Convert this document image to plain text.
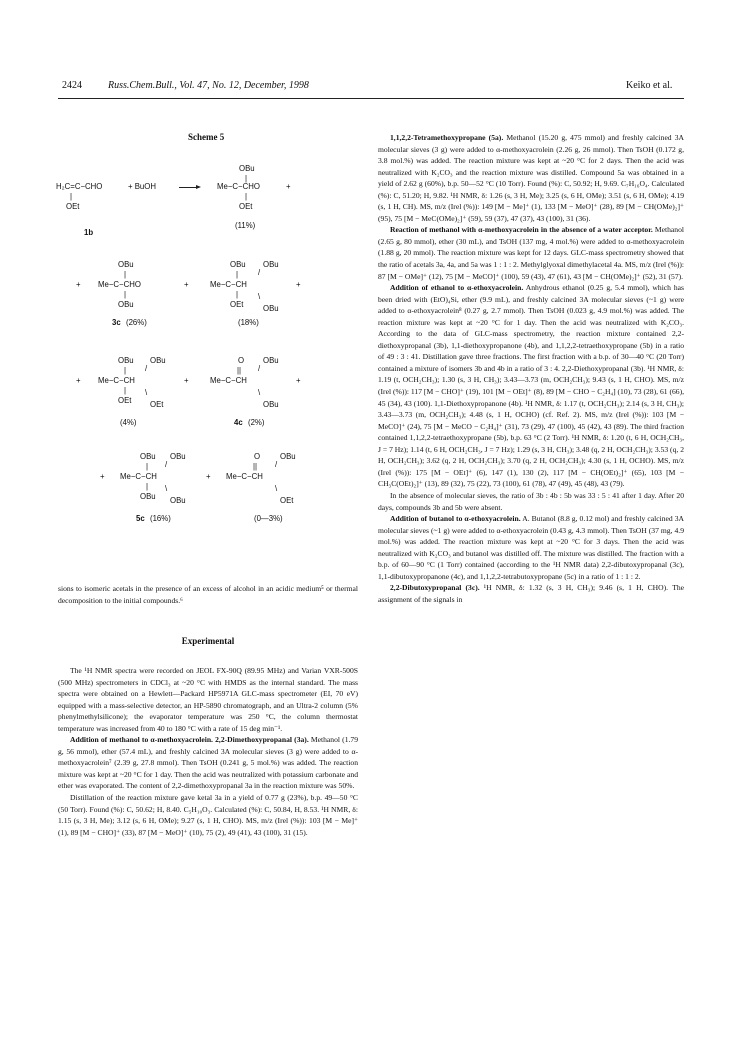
2424	Russ.Chem.Bull., Vol. 47, No. 12, December, 1998	Keiko et al.
Scheme 5
H₂C=C−CHO
|
OEt
+ BuOH
1b
OBu
|
Me−C−CHO
|
OEt
+
(11%)
+
OBu
|
Me−C−CHO
|
OBu
3c (26%)
+
OBu OBu
/
|
Me−C−CH
|	\
OEt	OBu
(18%)
+
+
OBu OBu
/
|
Me−C−CH
| \
OEt OEt
(4%)
+
O OBu
/
||
Me−C−CH
\
OBu
4c (2%)
+
+
OBu OBu
/
|
Me−C−CH
| \
OBu OBu
5c (16%)
+
O	OBu
/
||
Me−C−CH
\
OEt
(0—3%)

sions to isomeric acetals in the presence of an excess of alcohol in an acidic medium⁵ or thermal decomposition to the initial compounds.⁶

Experimental

The ¹H NMR spectra were recorded on JEOL FX-90Q (89.95 MHz) and Varian VXR-500S (500 MHz) spectrometers in CDCl₃ at ~20 °C with HMDS as the internal standard. The mass spectra were obtained on a Hewlett—Packard HP5971A GLC-mass spectrometer (EI, 70 eV) equipped with a mass-selective detector, an HP-5890 chromatograph, and an Ultra-2 column (5% phenylmethylsilicone); the evaporator temperature was 250 °C, the column thermostat temperature was increased from 40 to 180 °C with a rate of 15 deg min⁻¹.

Addition of methanol to α-methoxyacrolein. 2,2-Dimethoxypropanal (3a). Methanol (1.79 g, 56 mmol), ether (57.4 mL), and freshly calcined 3A molecular sieves (3 g) were added to α-methoxyacrolein⁷ (2.39 g, 27.8 mmol). Then TsOH (0.241 g, 5 mol.%) was added. The reaction mixture was kept at ~20 °C for 1 day. Then the acid was neutralized with potassium carbonate and ether was evaporated. The content of 2,2-dimethoxypropanal 3a in the reaction mixture was 50%.

Distillation of the reaction mixture gave ketal 3a in a yield of 0.77 g (23%), b.p. 49—50 °C (50 Torr). Found (%): C, 50.62; H, 8.40. C₅H₁₀O₃. Calculated (%): C, 50.84, H, 8.53. ¹H NMR, δ: 1.15 (s, 3 H, Me); 3.12 (s, 6 H, OMe); 9.27 (s, 1 H, CHO). MS, m/z (Irel (%)): 103 [M − Me]⁺ (1), 89 [M − CHO]⁺ (33), 87 [M − MeO]⁺ (10), 75 (2), 49 (41), 43 (100), 31 (15).

1,1,2,2-Tetramethoxypropane (5a). Methanol (15.20 g, 475 mmol) and freshly calcined 3A molecular sieves (3 g) were added to α-methoxyacrolein (2.26 g, 26 mmol). Then TsOH (0.172 g, 3.8 mol.%) was added. The reaction mixture was kept at ~20 °C for 2 days. Then the acid was neutralized with K₂CO₃ and the reaction mixture was distilled. Compound 5a was obtained in a yield of 2.62 g (60%), b.p. 50—52 °C (10 Torr). Found (%): C, 50.92; H, 9.69. C₇H₁₆O₄. Calculated (%): C, 51.20; H, 9.82. ¹H NMR, δ: 1.26 (s, 3 H, Me); 3.25 (s, 6 H, OMe); 3.51 (s, 6 H, OMe); 4.19 (s, 1 H, CH). MS, m/z (Irel (%)): 149 [M − Me]⁺ (1), 133 [M − MeO]⁺ (28), 89 [M − CH(OMe)₂]⁺ (95), 75 [M − MeC(OMe)₂]⁺ (59), 59 (37), 47 (37), 43 (100), 31 (36).

Reaction of methanol with α-methoxyacrolein in the absence of a water acceptor. Methanol (2.65 g, 80 mmol), ether (30 mL), and TsOH (137 mg, 4 mol.%) were added to α-methoxyacrolein (1.88 g, 20 mmol). The reaction mixture was kept for 12 days. GLC-mass spectrometry showed that the ratio of acetals 3a, 4a, and 5a was 1 : 1 : 2. Methylglyoxal dimethylacetal 4a. MS, m/z (Irel (%)): 87 [M − OMe]⁺ (12), 75 [M − MeCO]⁺ (100), 59 (43), 47 (61), 43 [M − CH(OMe)₂]⁺ (52), 31 (57).

Addition of ethanol to α-ethoxyacrolein. Anhydrous ethanol (0.25 g, 5.4 mmol), which has been dried with (EtO)₄Si, ether (9.9 mL), and freshly calcined 3A molecular sieves (~1 g) were added to α-ethoxyacrolein⁸ (0.27 g, 2.7 mmol). Then TsOH (0.023 g, 4.9 mol.%) was added. The reaction mixture was kept at ~20 °C for 1 day. Then the acid was neutralized with K₂CO₃. According to the data of GLC-mass spectrometry, the reaction mixture contained 2,2-diethoxypropanal (3b), 1,1-diethoxypropanone (4b), and 1,1,2,2-tetraethoxypropane (5b) in a ratio of 49 : 3 : 41. Distillation gave three fractions. The first fraction with a b.p. of 30—40 °C (20 Torr) contained a mixture of isomers 3b and 4b in a ratio of 3 : 4. 2,2-Diethoxypropanal (3b). ¹H NMR, δ: 1.19 (t, OCH₂CH₃); 1.30 (s, 3 H, CH₃); 3.43—3.73 (m, OCH₂CH₃); 9.43 (s, 1 H, CHO). MS, m/z (Irel (%)): 117 [M − CHO]⁺ (19), 101 [M − OEt]⁺ (8), 89 [M − CHO − C₂H₄] (10), 73 (28), 61 (66), 45 (34), 43 (100). 1,1-Diethoxypropanone (4b). ¹H NMR, δ: 1.17 (t, OCH₂CH₃); 2.14 (s, 3 H, CH₃); 3.43—3.73 (m, OCH₂CH₃); 4.48 (s, 1 H, OCHO) (cf. Ref. 2). MS, m/z (Irel (%)): 103 [M − MeCO]⁺ (24), 75 [M − MeCO − C₂H₄]⁺ (31), 73 (29), 47 (100), 45 (42), 43 (89). The third fraction contained 1,1,2,2-tetraethoxypropane (5b), b.p. 63 °C (2 Torr). ¹H NMR, δ: 1.20 (t, 6 H, OCH₂CH₃, J = 7 Hz); 1.14 (t, 6 H, OCH₂CH₃, J = 7 Hz); 1.29 (s, 3 H, CH₃); 3.48 (q, 2 H, OCH₂CH₃); 3.53 (q, 2 H, OCH₂CH₃); 3.62 (q, 2 H, OCH₂CH₃); 3.70 (q, 2 H, OCH₂CH₃); 4.30 (s, 1 H, OCHO). MS, m/z (Irel (%)): 175 [M − OEt]⁺ (6), 147 (1), 130 (2), 117 [M − CH(OEt)₂]⁺ (65), 103 [M − CH₃C(OEt)₂]⁺ (13), 89 (32), 75 (22), 73 (100), 61 (78), 47 (49), 45 (48), 43 (79).

In the absence of molecular sieves, the ratio of 3b : 4b : 5b was 33 : 5 : 41 after 1 day. After 20 days, compounds 3b and 5b were absent.

Addition of butanol to α-ethoxyacrolein. A. Butanol (8.8 g, 0.12 mol) and freshly calcined 3A molecular sieves (~1 g) were added to α-ethoxyacrolein (0.43 g, 4.3 mmol). Then TsOH (37 mg, 4.9 mol.%) was added. The reaction mixture was kept at ~20 °C for 3 days. Then the acid was neutralized with K₂CO₃ and butanol was distilled off. The mixture was distilled. The fraction with a b.p. of 60—90 °C (1 Torr) contained (according to the ¹H NMR data) 2,2-dibutoxypropanal (3c), 1,1-dibutoxypropanone (4c), and 1,1,2,2-tetrabutoxypropane (5c) in a ratio of 1 : 1 : 2.

2,2-Dibutoxypropanal (3c). ¹H NMR, δ: 1.32 (s, 3 H, CH₃); 9.46 (s, 1 H, CHO). The assignment of the signals in
